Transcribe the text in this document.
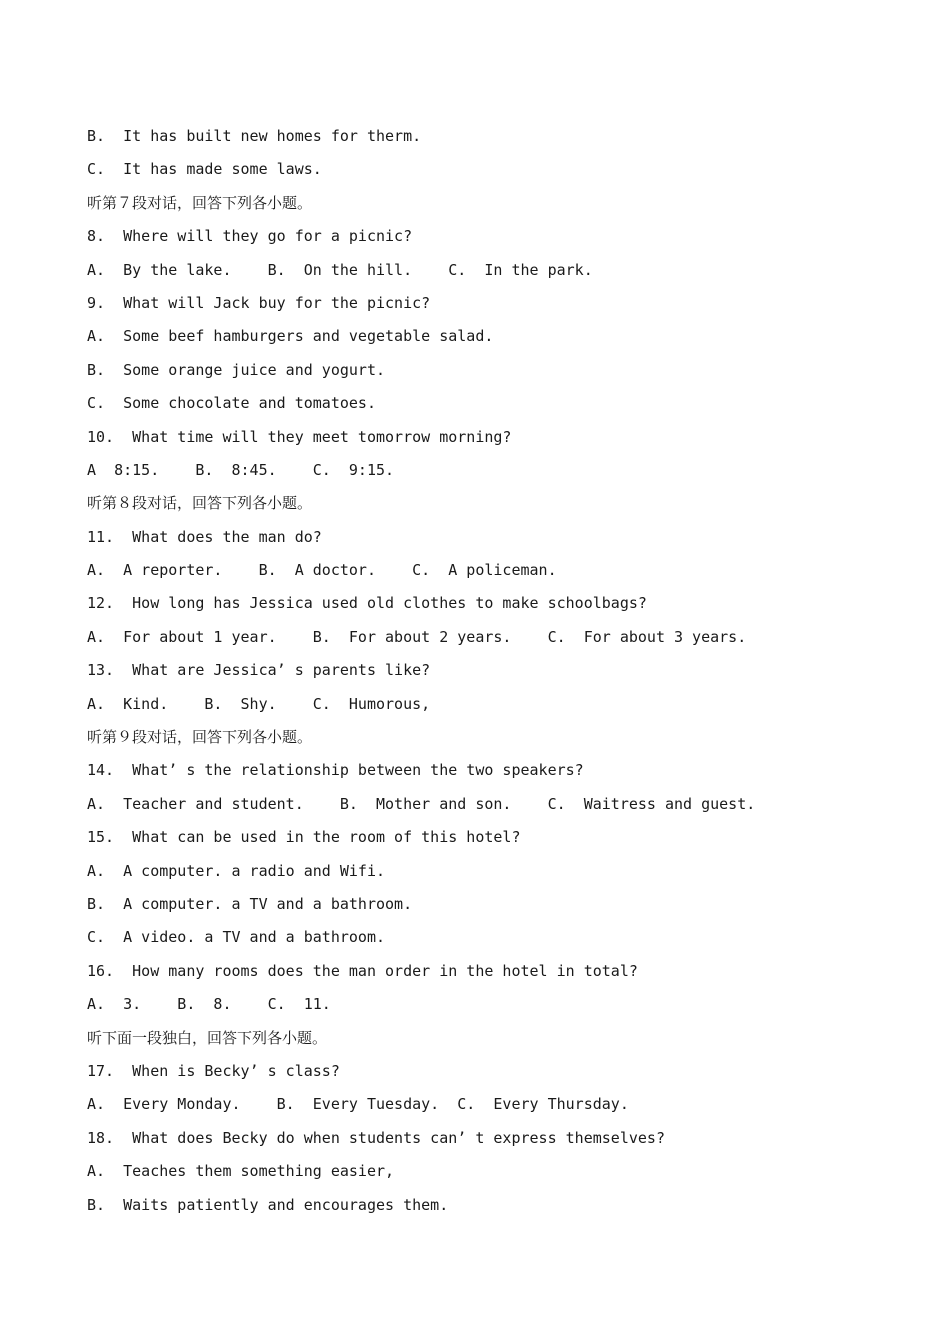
B.  It has built new homes for therm.
C.  It has made some laws.
听第７段对话，回答下列各小题。
8.  Where will they go for a picnic?
A.  By the lake.    B.  On the hill.    C.  In the park.
9.  What will Jack buy for the picnic?
A.  Some beef hamburgers and vegetable salad.
B.  Some orange juice and yogurt.
C.  Some chocolate and tomatoes.
10.  What time will they meet tomorrow morning?
A  8:15.    B.  8:45.    C.  9:15.
听第８段对话，回答下列各小题。
11.  What does the man do?
A.  A reporter.    B.  A doctor.    C.  A policeman.
12.  How long has Jessica used old clothes to make schoolbags?
A.  For about 1 year.    B.  For about 2 years.    C.  For about 3 years.
13.  What are Jessica’ s parents like?
A.  Kind.    B.  Shy.    C.  Humorous,
听第９段对话，回答下列各小题。
14.  What’ s the relationship between the two speakers?
A.  Teacher and student.    B.  Mother and son.    C.  Waitress and guest.
15.  What can be used in the room of this hotel?
A.  A computer. a radio and Wifi.
B.  A computer. a TV and a bathroom.
C.  A video. a TV and a bathroom.
16.  How many rooms does the man order in the hotel in total?
A.  3.    B.  8.    C.  11.
听下面一段独白，回答下列各小题。
17.  When is Becky’ s class?
A.  Every Monday.    B.  Every Tuesday.  C.  Every Thursday.
18.  What does Becky do when students can’ t express themselves?
A.  Teaches them something easier,
B.  Waits patiently and encourages them.
